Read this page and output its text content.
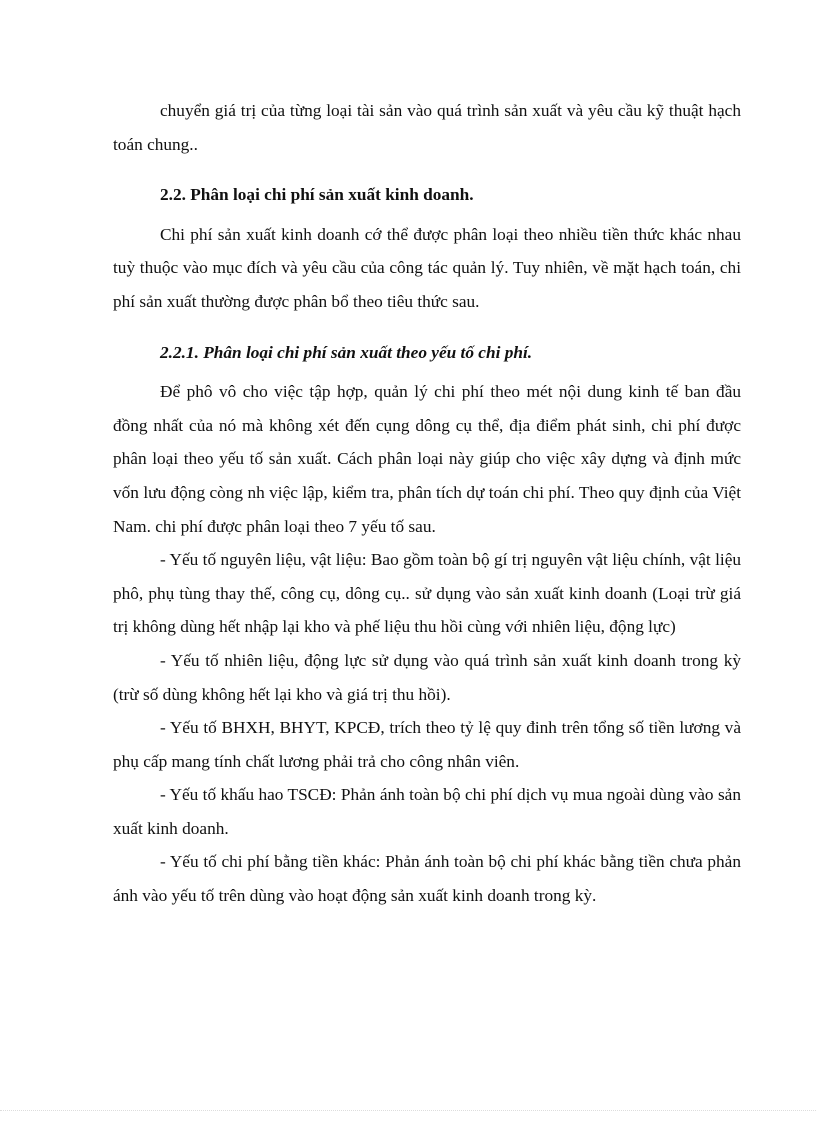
chuyển giá trị của từng loại tài sản vào quá trình sản xuất và yêu cầu kỹ thuật hạch toán chung..

2.2. Phân loại chi phí sản xuất kinh doanh.

Chi phí sản xuất kinh doanh cớ thể được phân loại theo nhiều tiền thức khác nhau tuỳ thuộc vào mục đích và yêu cầu của công tác quản lý. Tuy nhiên, về mặt hạch toán, chi phí sản xuất thường được phân bổ theo tiêu thức sau.

2.2.1. Phân loại chi phí sản xuất theo yếu tố chi phí.

Để phô vô cho việc tập hợp, quản lý chi phí theo mét nội dung kinh tế ban đầu đồng nhất của nó mà không xét đến cụng dông cụ thể, địa điểm phát sinh, chi phí được phân loại theo yếu tố sản xuất. Cách phân loại này giúp cho việc xây dựng và định mức vốn lưu động còng nh việc lập, kiểm tra, phân tích dự toán chi phí. Theo quy định của Việt Nam. chi phí được phân loại theo 7 yếu tố sau.

- Yếu tố nguyên liệu, vật liệu: Bao gồm toàn bộ gí trị nguyên vật liệu chính, vật liệu phô, phụ tùng thay thế, công cụ, dông cụ.. sử dụng vào sản xuất kinh doanh (Loại trừ giá trị không dùng hết nhập lại kho và phế liệu thu hồi cùng với nhiên liệu, động lực)

- Yếu tố nhiên liệu, động lực sử dụng vào quá trình sản xuất kinh doanh trong kỳ (trừ số dùng không hết lại kho và giá trị thu hồi).

- Yếu tố BHXH, BHYT, KPCĐ, trích theo tỷ lệ quy đinh trên tổng số tiền lương và phụ cấp mang tính chất lương phải trả cho công nhân viên.

- Yếu tố khấu hao TSCĐ: Phản ánh toàn bộ chi phí dịch vụ mua ngoài dùng vào sản xuất kinh doanh.

- Yếu tố chi phí bằng tiền khác: Phản ánh toàn bộ chi phí khác bằng tiền chưa phản ánh vào yếu tố trên dùng vào hoạt động sản xuất kinh doanh trong kỳ.
